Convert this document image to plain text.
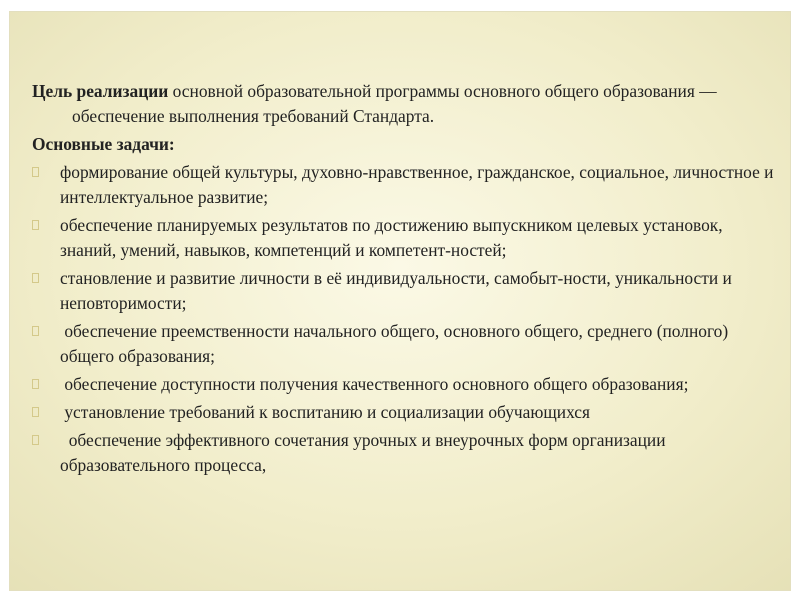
Цель реализации основной образовательной программы основного общего образования — обеспечение выполнения требований Стандарта.

Основные задачи:

формирование общей культуры, духовно-нравственное, гражданское, социальное, личностное и интеллектуальное развитие;
обеспечение планируемых результатов по достижению выпускником целевых установок, знаний, умений, навыков, компетенций и компетент-ностей;
становление и развитие личности в её индивидуальности, самобыт-ности, уникальности и неповторимости;
обеспечение преемственности начального общего, основного общего, среднего (полного) общего образования;
обеспечение доступности получения качественного основного общего образования;
установление требований к воспитанию и социализации обучающихся
обеспечение эффективного сочетания урочных и внеурочных форм организации образовательного процесса,
